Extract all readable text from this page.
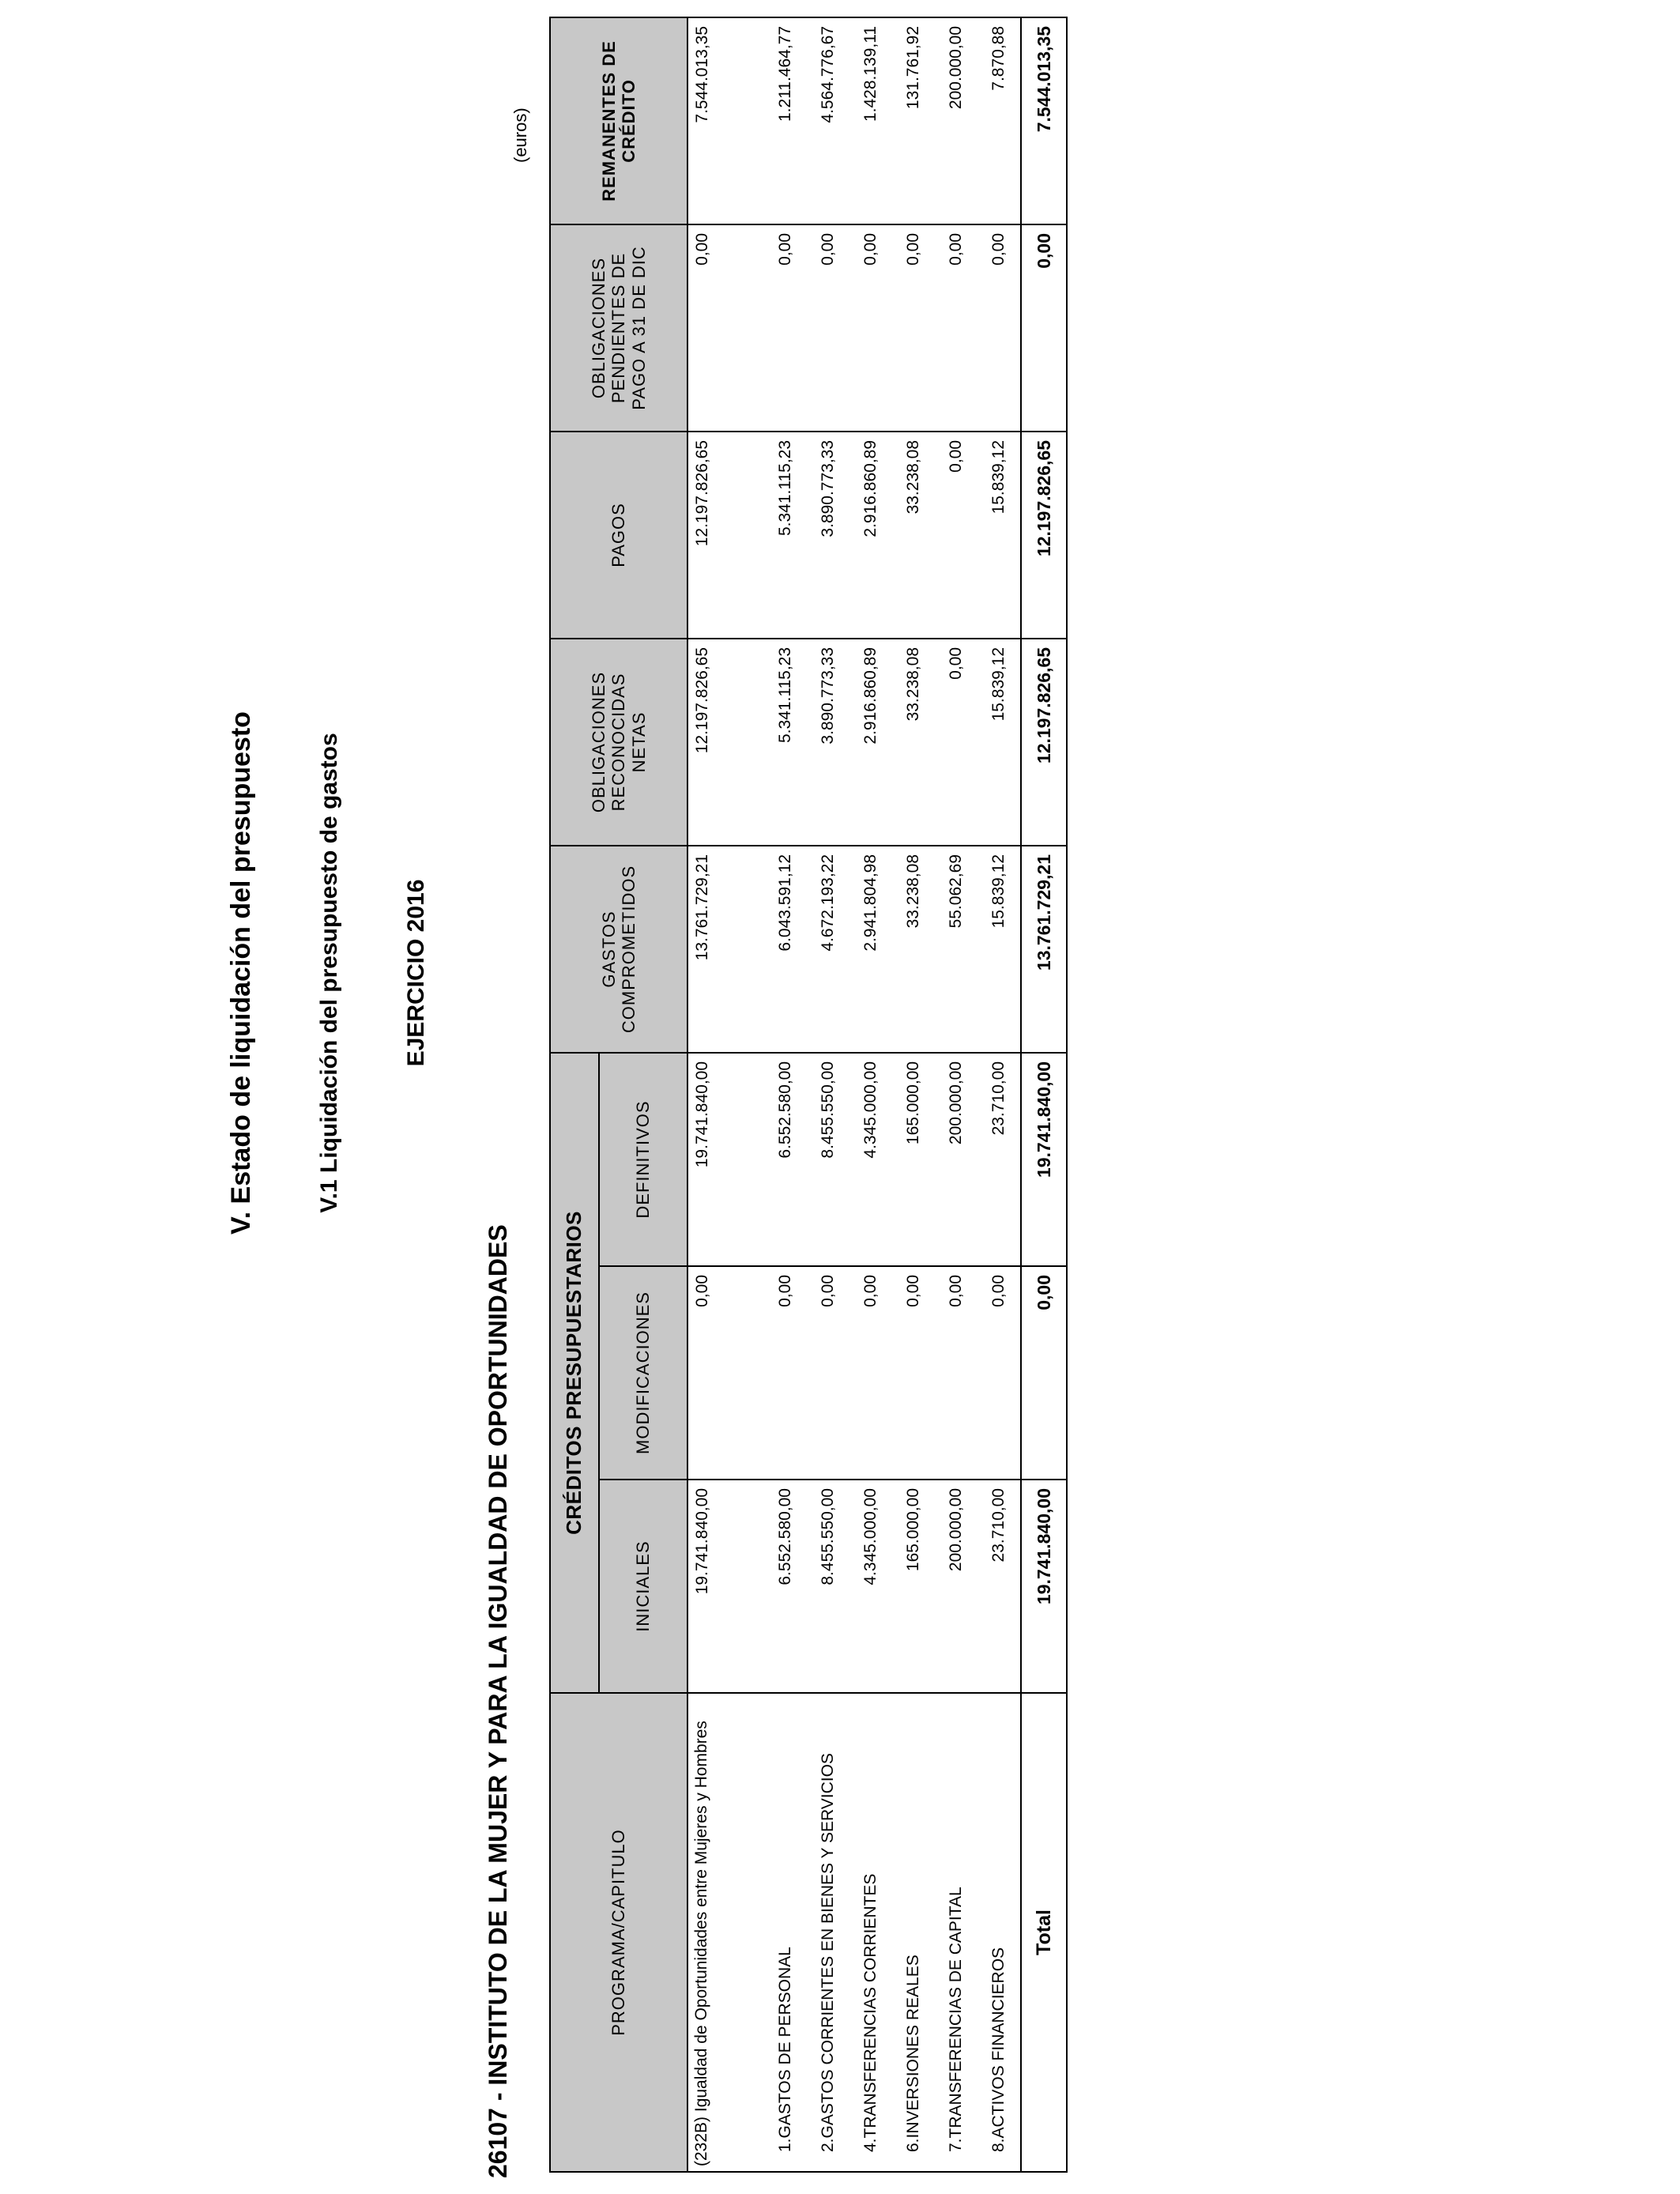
V. Estado de liquidación del presupuesto	V.1 Liquidación del presupuesto de gastos	EJERCICIO 2016
26107 - INSTITUTO DE LA MUJER Y PARA LA IGUALDAD DE OPORTUNIDADES
(euros)
PROGRAMA/CAPITULO	CRÉDITOS PRESUPUESTARIOS			GASTOS COMPROMETIDOS	OBLIGACIONES RECONOCIDAS NETAS	PAGOS	OBLIGACIONES PENDIENTES DE PAGO A 31 DE DIC	REMANENTES DE CRÉDITO
	INICIALES	MODIFICACIONES	DEFINITIVOS					
(232B) Igualdad de Oportunidades entre Mujeres y Hombres	19.741.840,00	0,00	19.741.840,00	13.761.729,21	12.197.826,65	12.197.826,65	0,00	7.544.013,35
1.GASTOS DE PERSONAL	6.552.580,00	0,00	6.552.580,00	6.043.591,12	5.341.115,23	5.341.115,23	0,00	1.211.464,77
2.GASTOS CORRIENTES EN BIENES Y SERVICIOS	8.455.550,00	0,00	8.455.550,00	4.672.193,22	3.890.773,33	3.890.773,33	0,00	4.564.776,67
4.TRANSFERENCIAS CORRIENTES	4.345.000,00	0,00	4.345.000,00	2.941.804,98	2.916.860,89	2.916.860,89	0,00	1.428.139,11
6.INVERSIONES REALES	165.000,00	0,00	165.000,00	33.238,08	33.238,08	33.238,08	0,00	131.761,92
7.TRANSFERENCIAS DE CAPITAL	200.000,00	0,00	200.000,00	55.062,69	0,00	0,00	0,00	200.000,00
8.ACTIVOS FINANCIEROS	23.710,00	0,00	23.710,00	15.839,12	15.839,12	15.839,12	0,00	7.870,88
Total	19.741.840,00	0,00	19.741.840,00	13.761.729,21	12.197.826,65	12.197.826,65	0,00	7.544.013,35
